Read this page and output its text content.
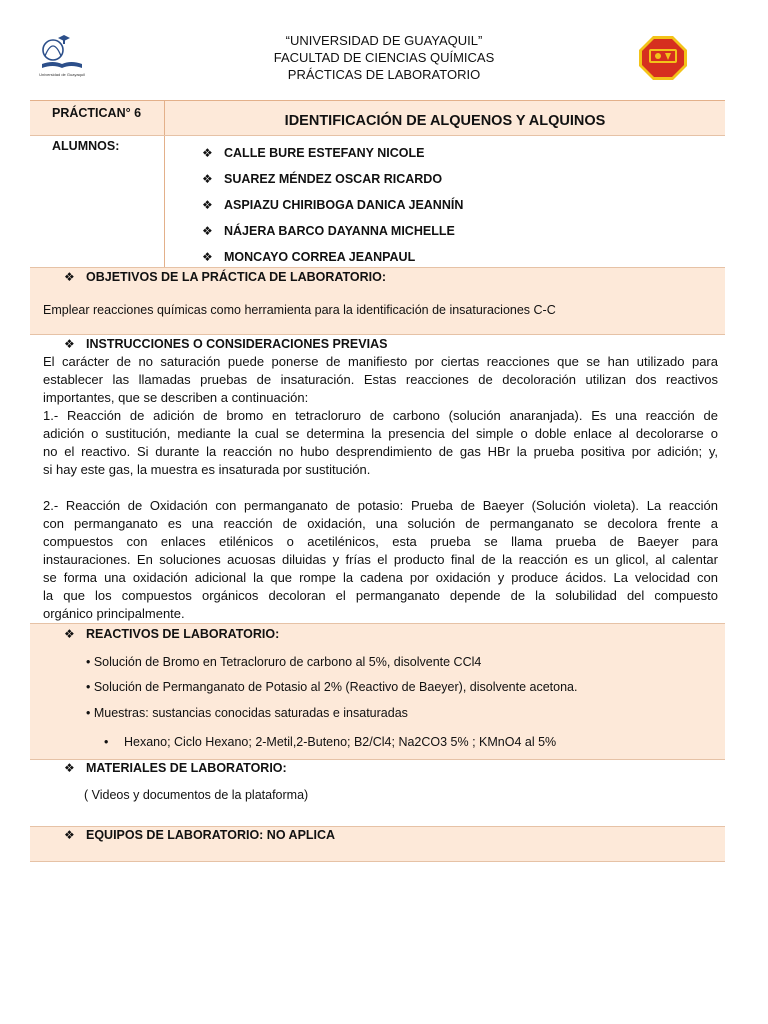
Universidad de Guayaquil
“UNIVERSIDAD DE GUAYAQUIL”
FACULTAD DE CIENCIAS QUÍMICAS
PRÁCTICAS DE LABORATORIO
PRÁCTICAN° 6	IDENTIFICACIÓN DE ALQUENOS Y ALQUINOS
ALUMNOS:	❖ CALLE BURE ESTEFANY NICOLE
❖ SUAREZ MÉNDEZ OSCAR RICARDO
❖ ASPIAZU CHIRIBOGA DANICA JEANNÍN
❖ NÁJERA BARCO DAYANNA MICHELLE
❖ MONCAYO CORREA JEANPAUL
❖ OBJETIVOS DE LA PRÁCTICA DE LABORATORIO:
Emplear reacciones químicas como herramienta para la identificación de insaturaciones C-C
❖ INSTRUCCIONES O CONSIDERACIONES PREVIAS

El carácter de no saturación puede ponerse de manifiesto por ciertas reacciones que se han utilizado para

establecer las llamadas pruebas de insaturación. Estas reacciones de decoloración utilizan dos reactivos

importantes, que se describen a continuación:

1.- Reacción de adición de bromo en tetracloruro de carbono (solución anaranjada). Es una reacción de

adición o sustitución, mediante la cual se determina la presencia del simple o doble enlace al decolorarse o

no el reactivo. Si durante la reacción no hubo desprendimiento de gas HBr la prueba positiva por adición; y,

si hay este gas, la muestra es insaturada por sustitución.

2.- Reacción de Oxidación con permanganato de potasio: Prueba de Baeyer (Solución violeta). La reacción

con permanganato es una reacción de oxidación, una solución de permanganato se decolora frente a

compuestos con enlaces etilénicos o acetilénicos, esta prueba se llama prueba de Baeyer para

instauraciones. En soluciones acuosas diluidas y frías el producto final de la reacción es un glicol, al calentar

se forma una oxidación adicional la que rompe la cadena por oxidación y produce ácidos. La velocidad con

la que los compuestos orgánicos decoloran el permanganato depende de la solubilidad del compuesto

orgánico principalmente.

❖ REACTIVOS DE LABORATORIO:
• Solución de Bromo en Tetracloruro de carbono al 5%, disolvente CCl4
• Solución de Permanganato de Potasio al 2% (Reactivo de Baeyer), disolvente acetona.
• Muestras: sustancias conocidas saturadas e insaturadas
• Hexano; Ciclo Hexano; 2-Metil,2-Buteno; B2/Cl4; Na2CO3 5% ; KMnO4 al 5%
❖ MATERIALES DE LABORATORIO:
( Videos y documentos de la plataforma)
❖ EQUIPOS DE LABORATORIO: NO APLICA
